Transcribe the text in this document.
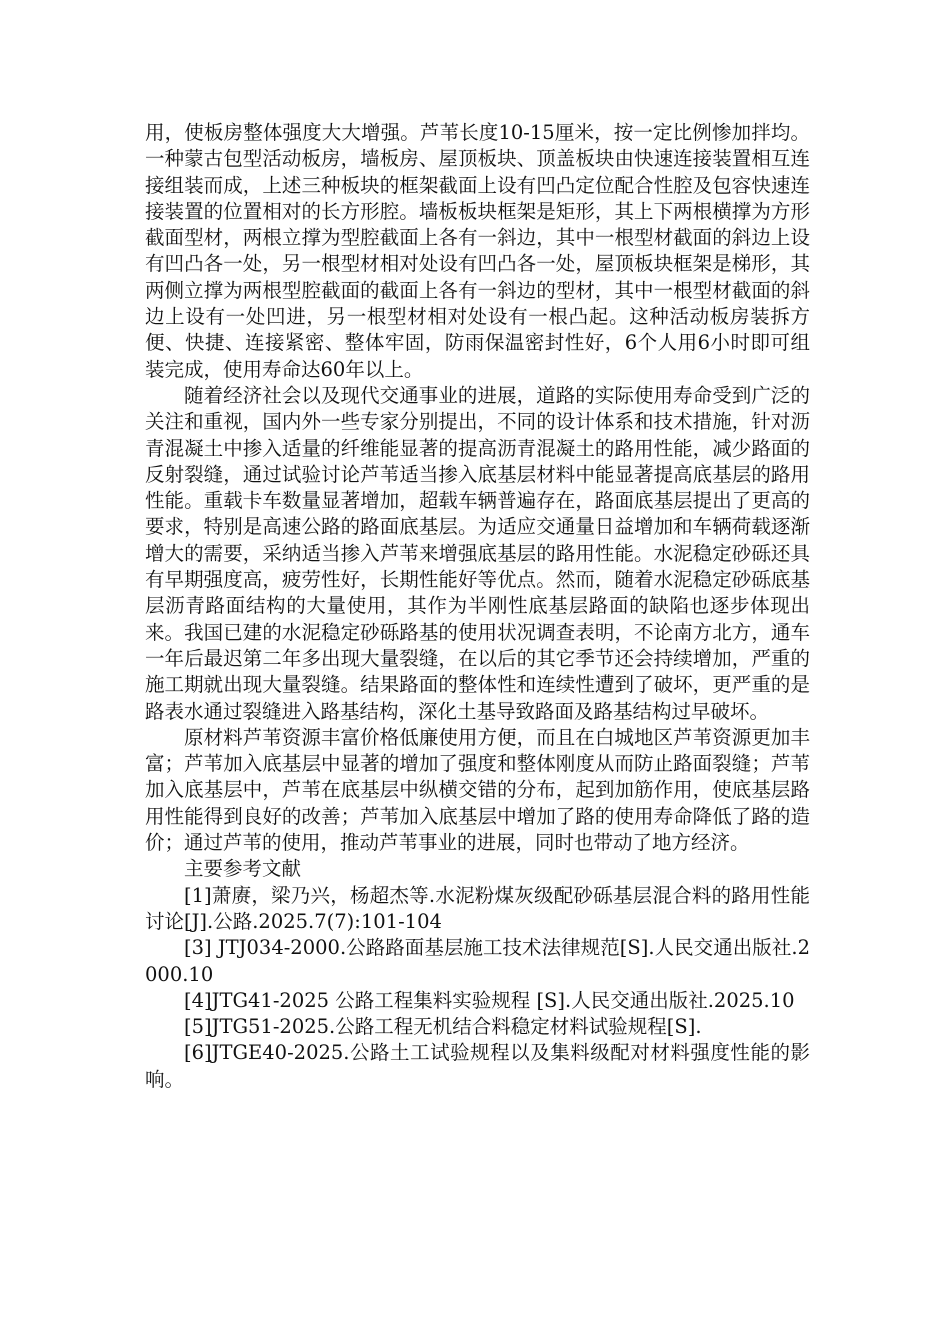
用，使板房整体强度大大增强。芦苇长度10-15厘米，按一定比例惨加拌均。一种蒙古包型活动板房，墙板房、屋顶板块、顶盖板块由快速连接装置相互连接组装而成，上述三种板块的框架截面上设有凹凸定位配合性腔及包容快速连接装置的位置相对的长方形腔。墙板板块框架是矩形，其上下两根横撑为方形截面型材，两根立撑为型腔截面上各有一斜边，其中一根型材截面的斜边上设有凹凸各一处，另一根型材相对处设有凹凸各一处，屋顶板块框架是梯形，其两侧立撑为两根型腔截面的截面上各有一斜边的型材，其中一根型材截面的斜边上设有一处凹进，另一根型材相对处设有一根凸起。这种活动板房装拆方便、快捷、连接紧密、整体牢固，防雨保温密封性好，6个人用6小时即可组装完成，使用寿命达60年以上。

随着经济社会以及现代交通事业的进展，道路的实际使用寿命受到广泛的关注和重视，国内外一些专家分别提出，不同的设计体系和技术措施，针对沥青混凝土中掺入适量的纤维能显著的提高沥青混凝土的路用性能，减少路面的反射裂缝，通过试验讨论芦苇适当掺入底基层材料中能显著提高底基层的路用性能。重载卡车数量显著增加，超载车辆普遍存在，路面底基层提出了更高的要求，特别是高速公路的路面底基层。为适应交通量日益增加和车辆荷载逐渐增大的需要，采纳适当掺入芦苇来增强底基层的路用性能。水泥稳定砂砾还具有早期强度高，疲劳性好，长期性能好等优点。然而，随着水泥稳定砂砾底基层沥青路面结构的大量使用，其作为半刚性底基层路面的缺陷也逐步体现出来。我国已建的水泥稳定砂砾路基的使用状况调查表明，不论南方北方，通车一年后最迟第二年多出现大量裂缝，在以后的其它季节还会持续增加，严重的施工期就出现大量裂缝。结果路面的整体性和连续性遭到了破坏，更严重的是路表水通过裂缝进入路基结构，深化土基导致路面及路基结构过早破坏。

原材料芦苇资源丰富价格低廉使用方便，而且在白城地区芦苇资源更加丰富；芦苇加入底基层中显著的增加了强度和整体刚度从而防止路面裂缝；芦苇加入底基层中，芦苇在底基层中纵横交错的分布，起到加筋作用，使底基层路用性能得到良好的改善；芦苇加入底基层中增加了路的使用寿命降低了路的造价；通过芦苇的使用，推动芦苇事业的进展，同时也带动了地方经济。

主要参考文献

[1]萧赓，梁乃兴，杨超杰等.水泥粉煤灰级配砂砾基层混合料的路用性能讨论[J].公路.2025.7(7):101-104

[3] JTJ034-2000.公路路面基层施工技术法律规范[S].人民交通出版社.2000.10

[4]JTG41-2025 公路工程集料实验规程 [S].人民交通出版社.2025.10

[5]JTG51-2025.公路工程无机结合料稳定材料试验规程[S].

[6]JTGE40-2025.公路土工试验规程以及集料级配对材料强度性能的影响。
